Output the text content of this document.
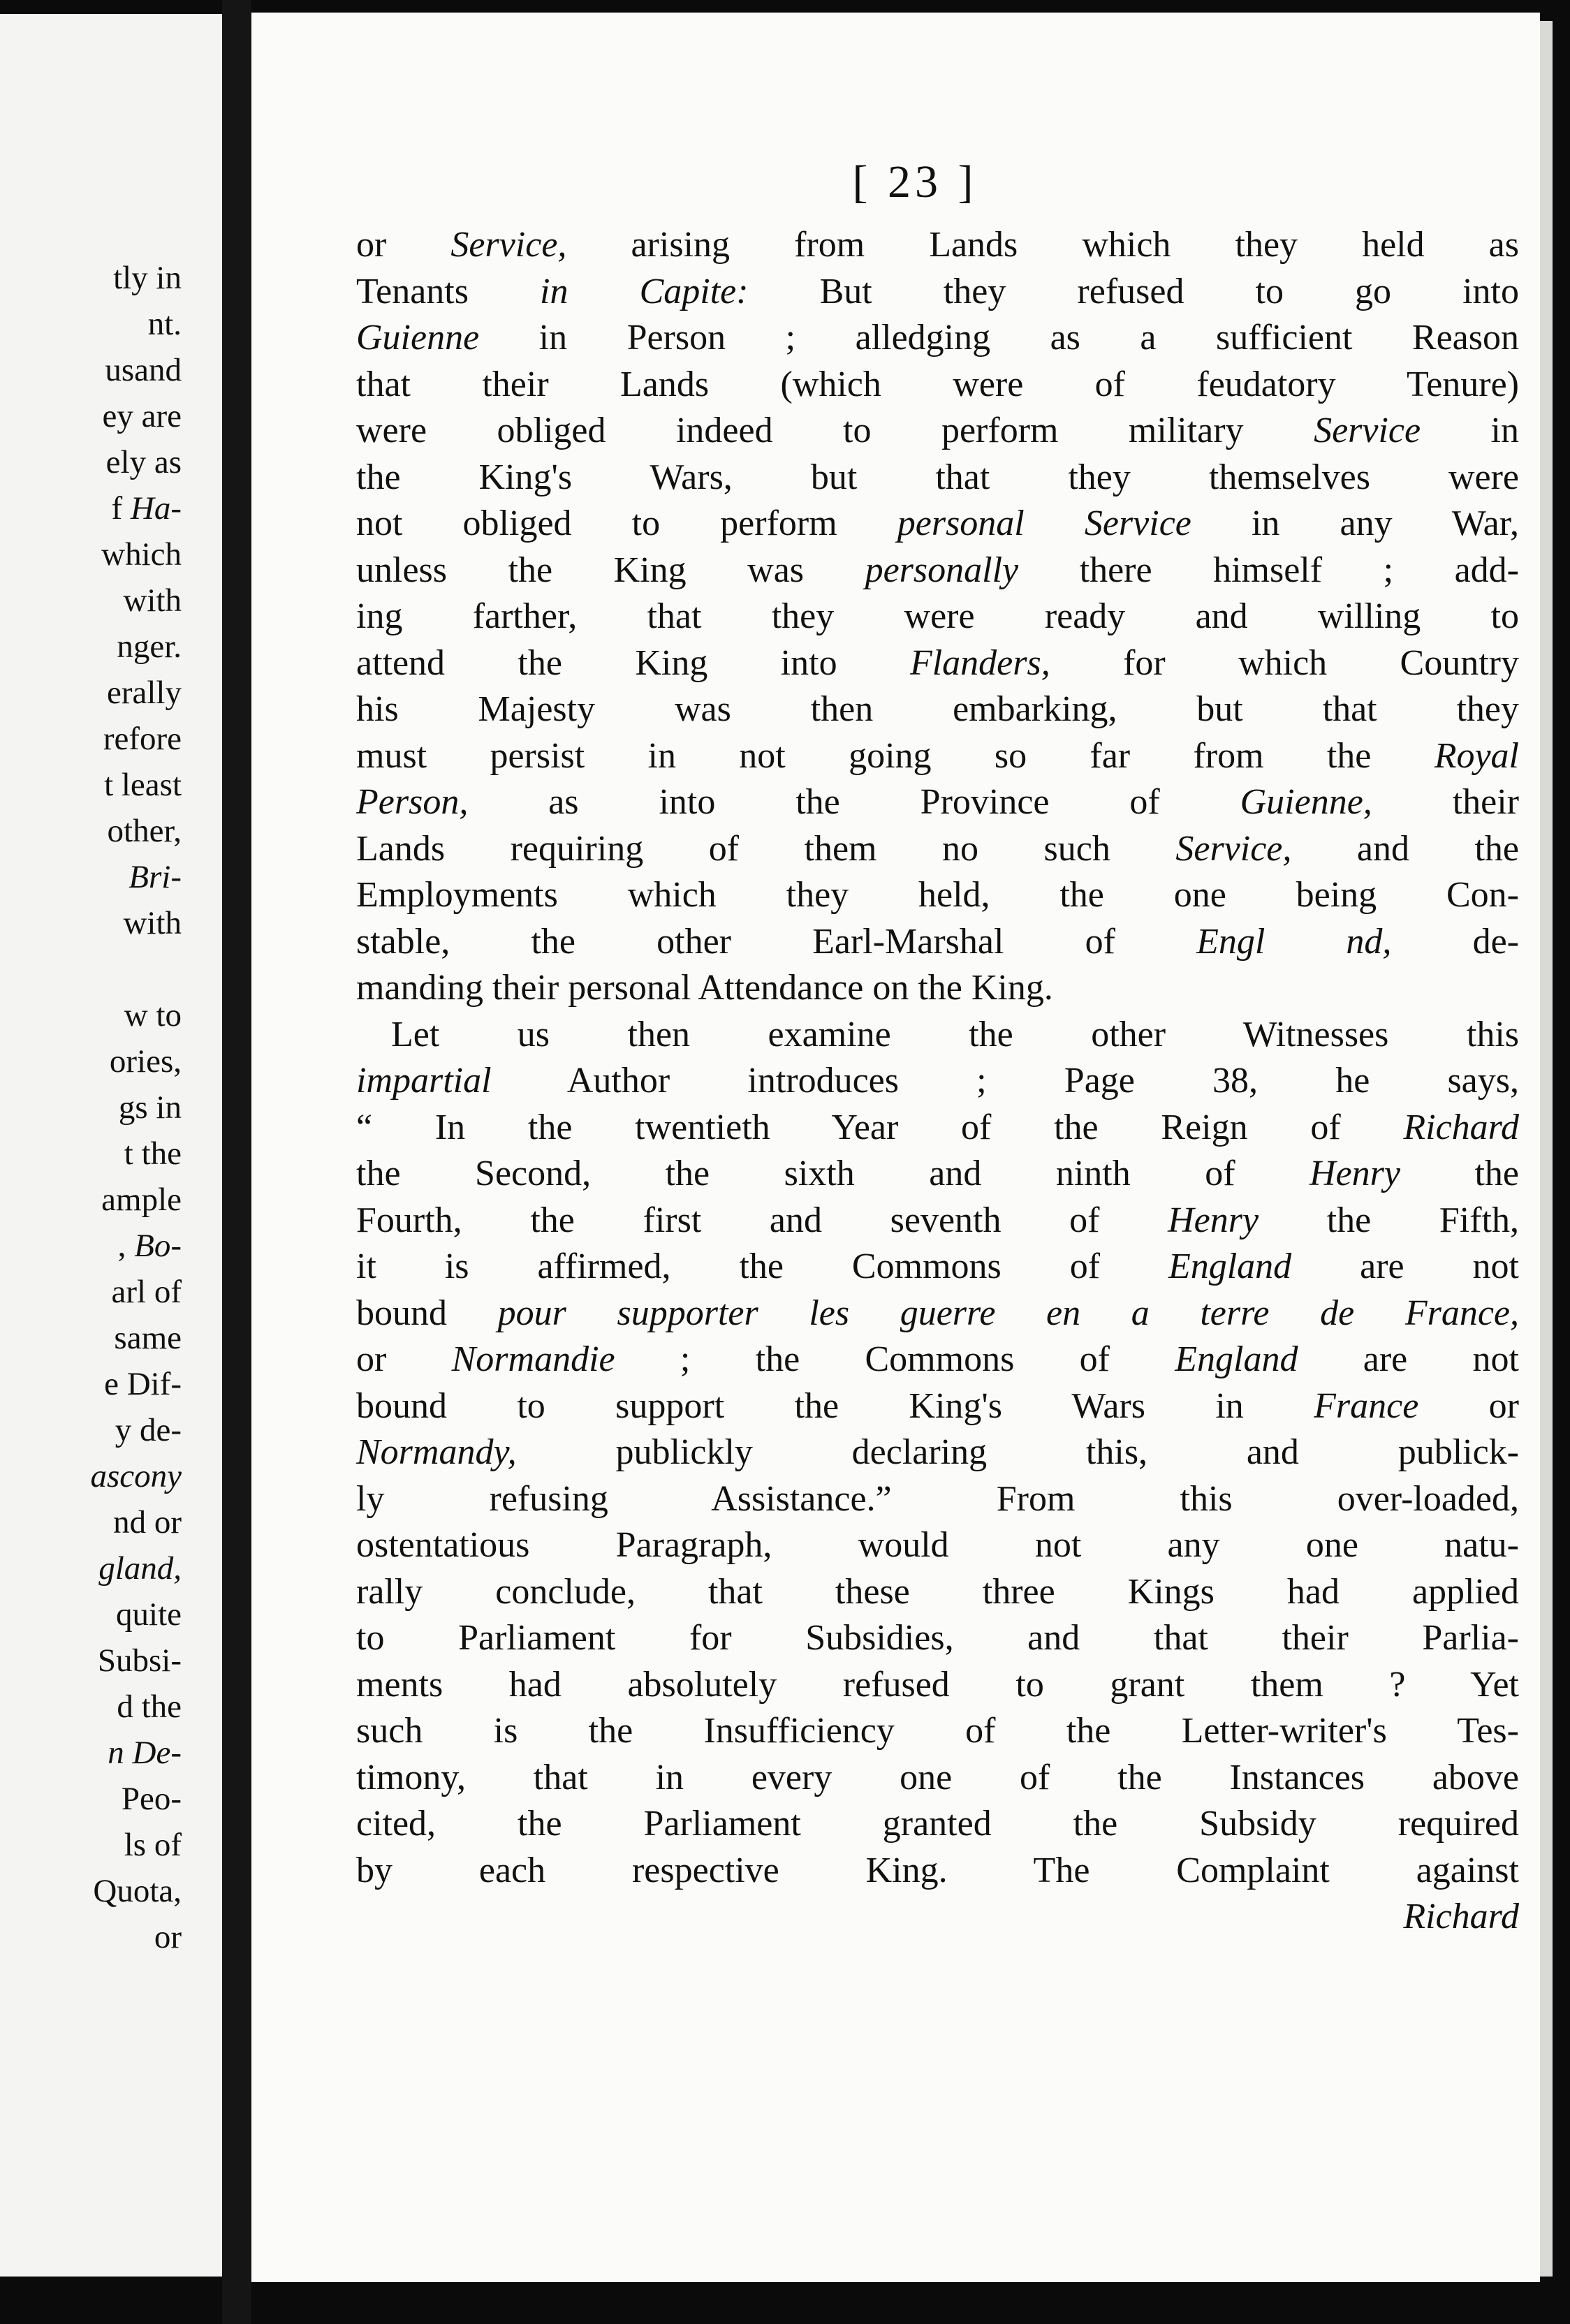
tly in
nt.
usand
ey are
ely as
f Ha-
which
with
nger.
erally
refore
t least
other,
Bri-
with
w to
ories,
gs in
t the
ample
, Bo-
arl of
same
e Dif-
y de-
ascony
nd or
gland,
quite
Subsi-
d the
n De-
Peo-
ls of
Quota,
or
[ 23 ]
or Service, arising from Lands which they held as
Tenants in Capite: But they refused to go into
Guienne in Person ; alledging as a sufficient Reason
that their Lands (which were of feudatory Tenure)
were obliged indeed to perform military Service in
the King's Wars, but that they themselves were
not obliged to perform personal Service in any War,
unless the King was personally there himself ; add-
ing farther, that they were ready and willing to
attend the King into Flanders, for which Country
his Majesty was then embarking, but that they
must persist in not going so far from the Royal
Person, as into the Province of Guienne, their
Lands requiring of them no such Service, and the
Employments which they held, the one being Con-
stable, the other Earl-Marshal of Engl nd, de-
manding their personal Attendance on the King.
Let us then examine the other Witnesses this
impartial Author introduces ; Page 38, he says,
“ In the twentieth Year of the Reign of Richard
the Second, the sixth and ninth of Henry the
Fourth, the first and seventh of Henry the Fifth,
it is affirmed, the Commons of England are not
bound pour supporter les guerre en a terre de France,
or Normandie ; the Commons of England are not
bound to support the King's Wars in France or
Normandy, publickly declaring this, and publick-
ly refusing Assistance.” From this over-loaded,
ostentatious Paragraph, would not any one natu-
rally conclude, that these three Kings had applied
to Parliament for Subsidies, and that their Parlia-
ments had absolutely refused to grant them ? Yet
such is the Insufficiency of the Letter-writer's Tes-
timony, that in every one of the Instances above
cited, the Parliament granted the Subsidy required
by each respective King. The Complaint against
Richard
